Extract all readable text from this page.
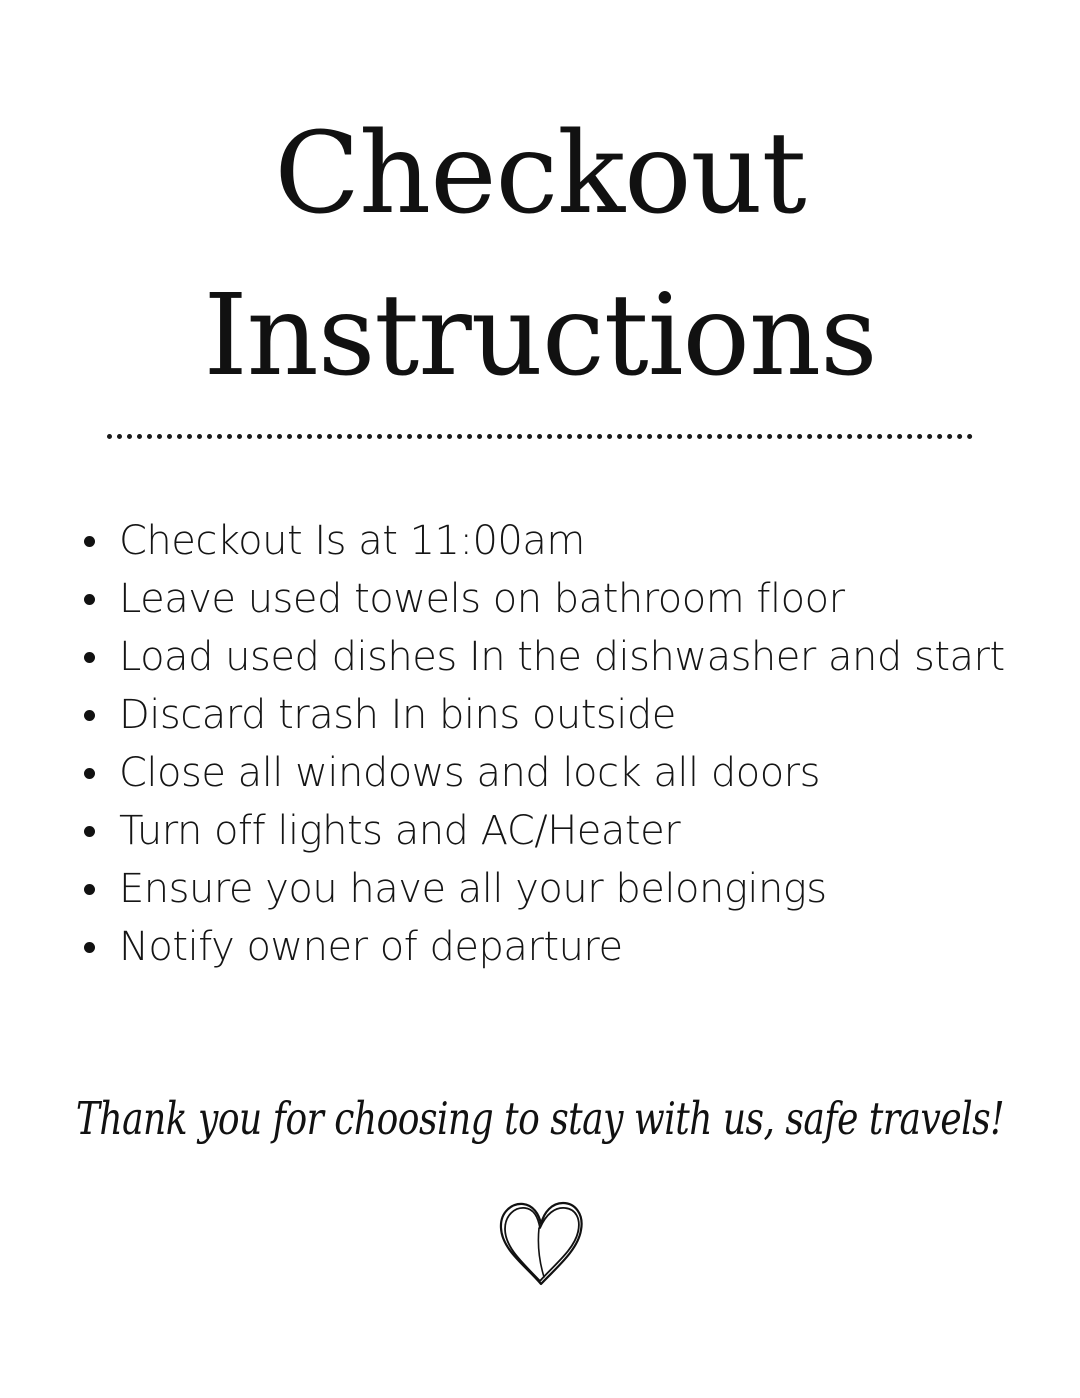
Checkout
Instructions
Checkout Is at 11:00am
Leave used towels on bathroom floor
Load used dishes In the dishwasher and start
Discard trash In bins outside
Close all windows and lock all doors
Turn off lights and AC/Heater
Ensure you have all your belongings
Notify owner of departure
Thank you for choosing to stay with us, safe travels!
